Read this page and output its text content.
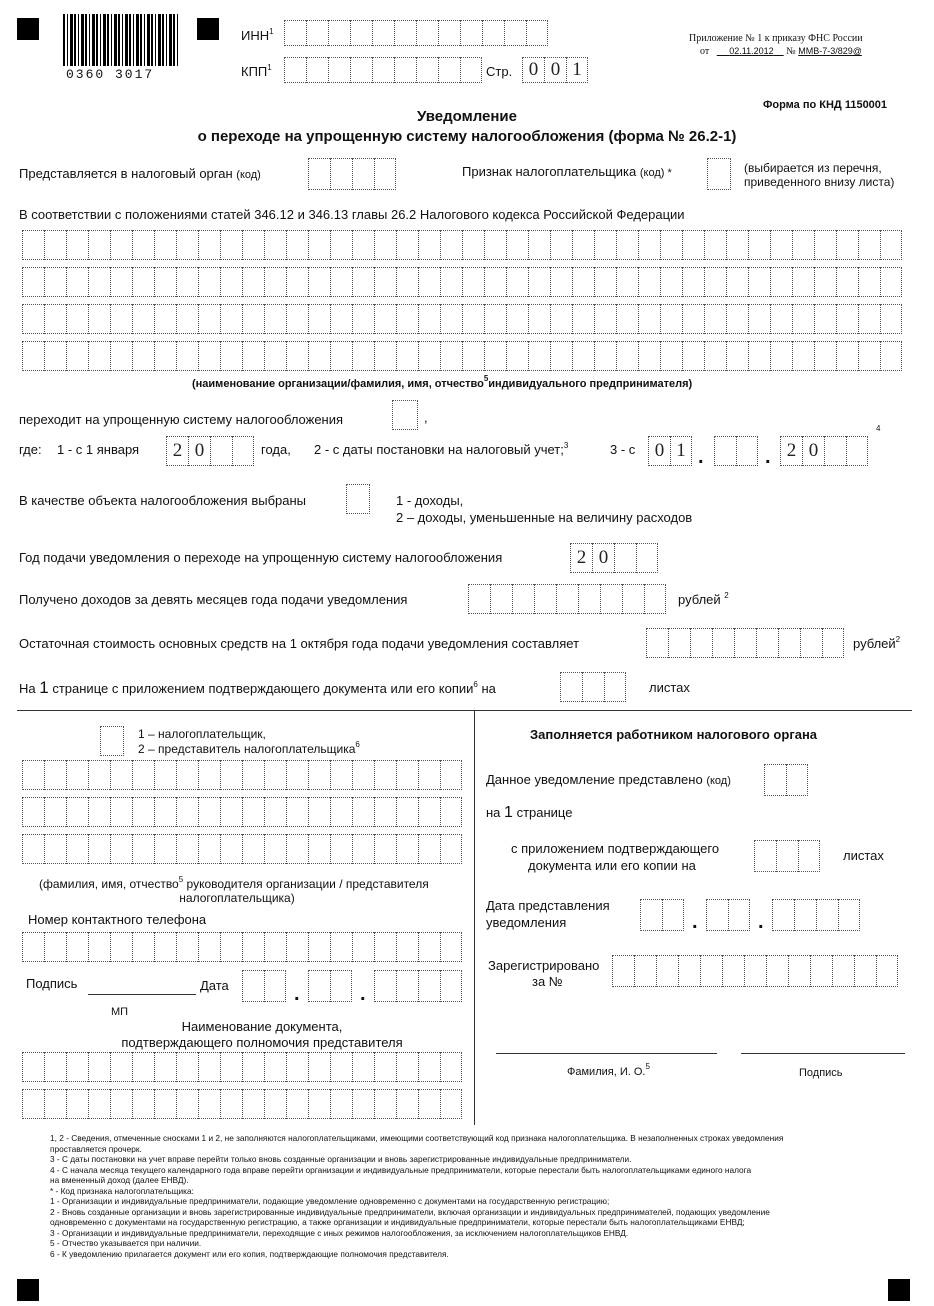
0360 3017
ИНН$^1$
КПП$^1$	Стр. 0 0 1
Приложение № 1 к приказу ФНС России
от 02.11.2012 № ММВ-7-3/829@
Форма по КНД 1150001
Уведомление
о переходе на упрощенную систему налогообложения (форма № 26.2-1)
Представляется в налоговый орган (код)	Признак налогоплательщика (код) *	(выбирается из перечня,
приведенного внизу листа)
В соответствии с положениями статей 346.12 и 346.13 главы 26.2 Налогового кодекса Российской Федерации
(наименование организации/фамилия, имя, отчество$^5$индивидуального предпринимателя)
переходит на упрощенную систему налогообложения	,
где: 1 - с 1 января	2 0	года, 2 - с даты постановки на налоговый учет;$^3$	3 - с	0 1 .	. 2 0
4
В качестве объекта налогообложения выбраны	1 - доходы,
2 – доходы, уменьшенные на величину расходов
Год подачи уведомления о переходе на упрощенную систему налогообложения	2 0
Получено доходов за девять месяцев года подачи уведомления	рублей $^2$
Остаточная стоимость основных средств на 1 октября года подачи уведомления составляет	рублей$^2$
На 1 странице с приложением подтверждающего документа или его копии$^6$ на	листах
1 – налогоплательщик,
2 – представитель налогоплательщика$^6$
(фамилия, имя, отчество$^5$ руководителя организации / представителя
налогоплательщика)
Номер контактного телефона
Подпись	Дата	.	.
МП
Наименование документа,
подтверждающего полномочия представителя
Заполняется работником налогового органа
Данное уведомление представлено (код)
на 1 странице
с приложением подтверждающего
документа или его копии на
листах
Дата представления
уведомления	.	.
Зарегистрировано
за №
Фамилия, И. О.$^5$
Подпись
1, 2 - Сведения, отмеченные сносками 1 и 2, не заполняются налогоплательщиками, имеющими соответствующий код признака налогоплательщика. В незаполненных строках уведомления
проставляется прочерк.
3 - С даты постановки на учет вправе перейти только вновь созданные организации и вновь зарегистрированные индивидуальные предприниматели.
4 - С начала месяца текущего календарного года вправе перейти организации и индивидуальные предприниматели, которые перестали быть налогоплательщиками единого налога
на вмененный доход (далее ЕНВД).
* - Код признака налогоплательщика:
1 - Организации и индивидуальные предприниматели, подающие уведомление одновременно с документами на государственную регистрацию;
2 - Вновь созданные организации и вновь зарегистрированные индивидуальные предприниматели, включая организации и индивидуальных предпринимателей, подающих уведомление
одновременно с документами на государственную регистрацию, а также организации и индивидуальные предприниматели, которые перестали быть налогоплательщиками ЕНВД;
3 - Организации и индивидуальные предприниматели, переходящие с иных режимов налогообложения, за исключением налогоплательщиков ЕНВД.
5 - Отчество указывается при наличии.
6 - К уведомлению прилагается документ или его копия, подтверждающие полномочия представителя.
